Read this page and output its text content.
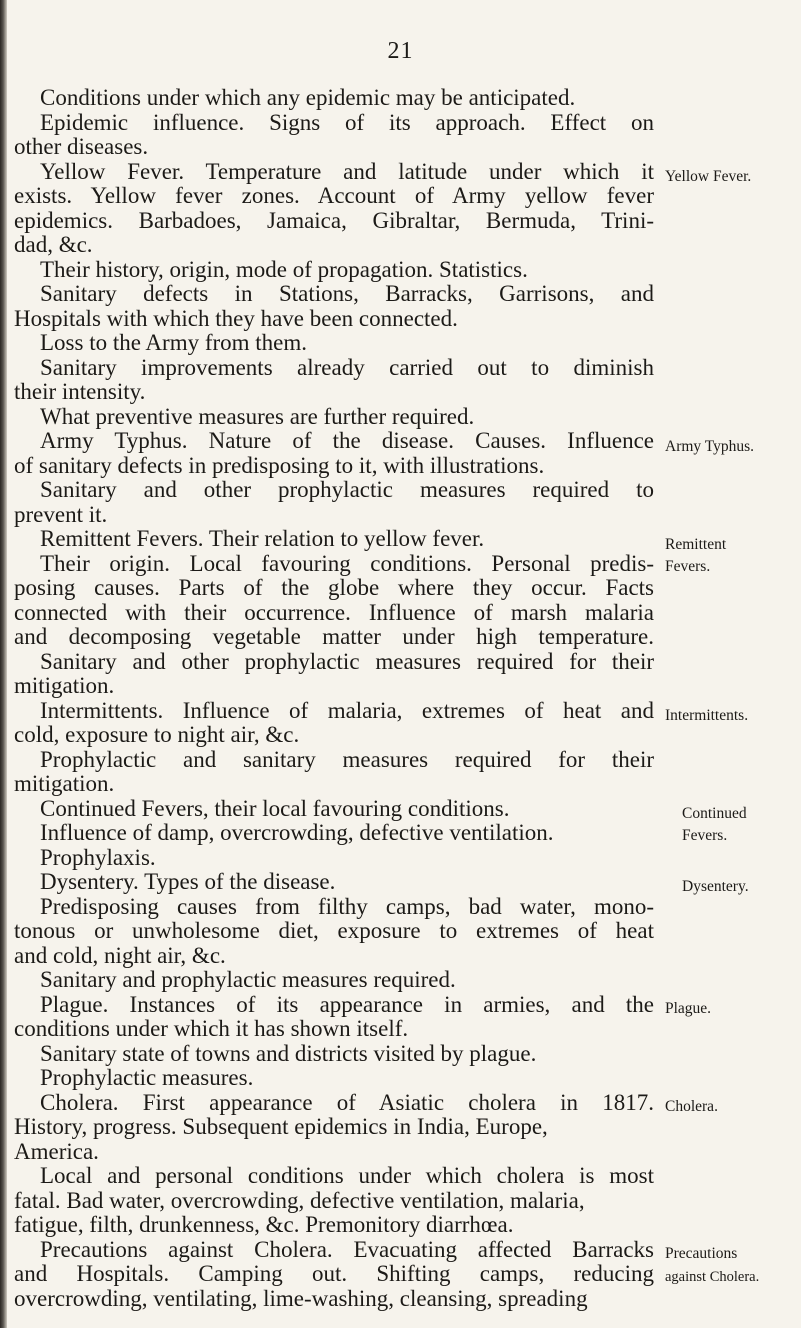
21
Conditions under which any epidemic may be anticipated.
Epidemic influence. Signs of its approach. Effect on
other diseases.
Yellow Fever. Temperature and latitude under which it
exists. Yellow fever zones. Account of Army yellow fever
epidemics. Barbadoes, Jamaica, Gibraltar, Bermuda, Trini-
dad, &c.
Their history, origin, mode of propagation. Statistics.
Sanitary defects in Stations, Barracks, Garrisons, and
Hospitals with which they have been connected.
Loss to the Army from them.
Sanitary improvements already carried out to diminish
their intensity.
What preventive measures are further required.
Army Typhus. Nature of the disease. Causes. Influence
of sanitary defects in predisposing to it, with illustrations.
Sanitary and other prophylactic measures required to
prevent it.
Remittent Fevers. Their relation to yellow fever.
Their origin. Local favouring conditions. Personal predis-
posing causes. Parts of the globe where they occur. Facts
connected with their occurrence. Influence of marsh malaria
and decomposing vegetable matter under high temperature.
Sanitary and other prophylactic measures required for their
mitigation.
Intermittents. Influence of malaria, extremes of heat and
cold, exposure to night air, &c.
Prophylactic and sanitary measures required for their
mitigation.
Continued Fevers, their local favouring conditions.
Influence of damp, overcrowding, defective ventilation.
Prophylaxis.
Dysentery. Types of the disease.
Predisposing causes from filthy camps, bad water, mono-
tonous or unwholesome diet, exposure to extremes of heat
and cold, night air, &c.
Sanitary and prophylactic measures required.
Plague. Instances of its appearance in armies, and the
conditions under which it has shown itself.
Sanitary state of towns and districts visited by plague.
Prophylactic measures.
Cholera. First appearance of Asiatic cholera in 1817.
History, progress. Subsequent epidemics in India, Europe,
America.
Local and personal conditions under which cholera is most
fatal. Bad water, overcrowding, defective ventilation, malaria,
fatigue, filth, drunkenness, &c. Premonitory diarrhœa.
Precautions against Cholera. Evacuating affected Barracks
and Hospitals. Camping out. Shifting camps, reducing
overcrowding, ventilating, lime-washing, cleansing, spreading
Yellow Fever.
Army Typhus.
Remittent
Fevers.
Intermittents.
Continued
Fevers.
Dysentery.
Plague.
Cholera.
Precautions
against Cholera.
